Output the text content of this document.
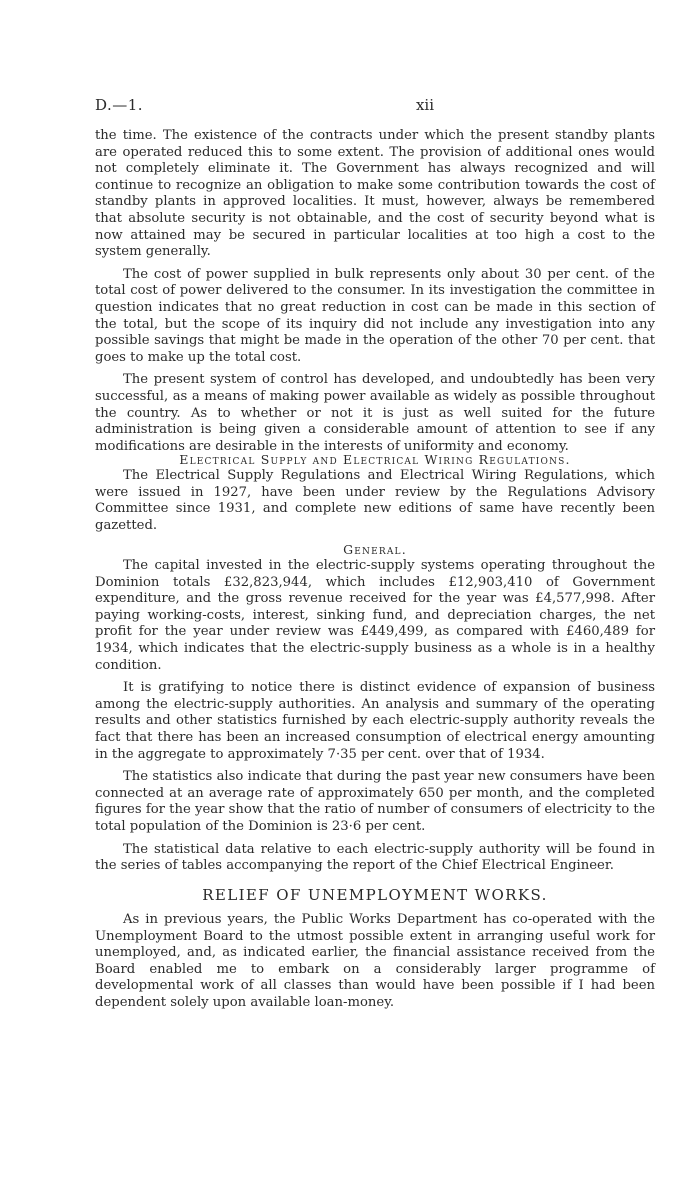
D.—1.	xii

the time. The existence of the contracts under which the present standby plants are operated reduced this to some extent. The provision of additional ones would not completely eliminate it. The Government has always recognized and will continue to recognize an obligation to make some contribution towards the cost of standby plants in approved localities. It must, however, always be remembered that absolute security is not obtainable, and the cost of security beyond what is now attained may be secured in particular localities at too high a cost to the system generally.

The cost of power supplied in bulk represents only about 30 per cent. of the total cost of power delivered to the consumer. In its investigation the committee in question indicates that no great reduction in cost can be made in this section of the total, but the scope of its inquiry did not include any investigation into any possible savings that might be made in the operation of the other 70 per cent. that goes to make up the total cost.

The present system of control has developed, and undoubtedly has been very successful, as a means of making power available as widely as possible throughout the country. As to whether or not it is just as well suited for the future administration is being given a considerable amount of attention to see if any modifications are desirable in the interests of uniformity and economy.

Electrical Supply and Electrical Wiring Regulations.

The Electrical Supply Regulations and Electrical Wiring Regulations, which were issued in 1927, have been under review by the Regulations Advisory Committee since 1931, and complete new editions of same have recently been gazetted.

General.

The capital invested in the electric-supply systems operating throughout the Dominion totals £32,823,944, which includes £12,903,410 of Government expenditure, and the gross revenue received for the year was £4,577,998. After paying working-costs, interest, sinking fund, and depreciation charges, the net profit for the year under review was £449,499, as compared with £460,489 for 1934, which indicates that the electric-supply business as a whole is in a healthy condition.

It is gratifying to notice there is distinct evidence of expansion of business among the electric-supply authorities. An analysis and summary of the operating results and other statistics furnished by each electric-supply authority reveals the fact that there has been an increased consumption of electrical energy amounting in the aggregate to approximately 7·35 per cent. over that of 1934.

The statistics also indicate that during the past year new consumers have been connected at an average rate of approximately 650 per month, and the completed figures for the year show that the ratio of number of consumers of electricity to the total population of the Dominion is 23·6 per cent.

The statistical data relative to each electric-supply authority will be found in the series of tables accompanying the report of the Chief Electrical Engineer.

RELIEF OF UNEMPLOYMENT WORKS.

As in previous years, the Public Works Department has co-operated with the Unemployment Board to the utmost possible extent in arranging useful work for unemployed, and, as indicated earlier, the financial assistance received from the Board enabled me to embark on a considerably larger programme of developmental work of all classes than would have been possible if I had been dependent solely upon available loan-money.
